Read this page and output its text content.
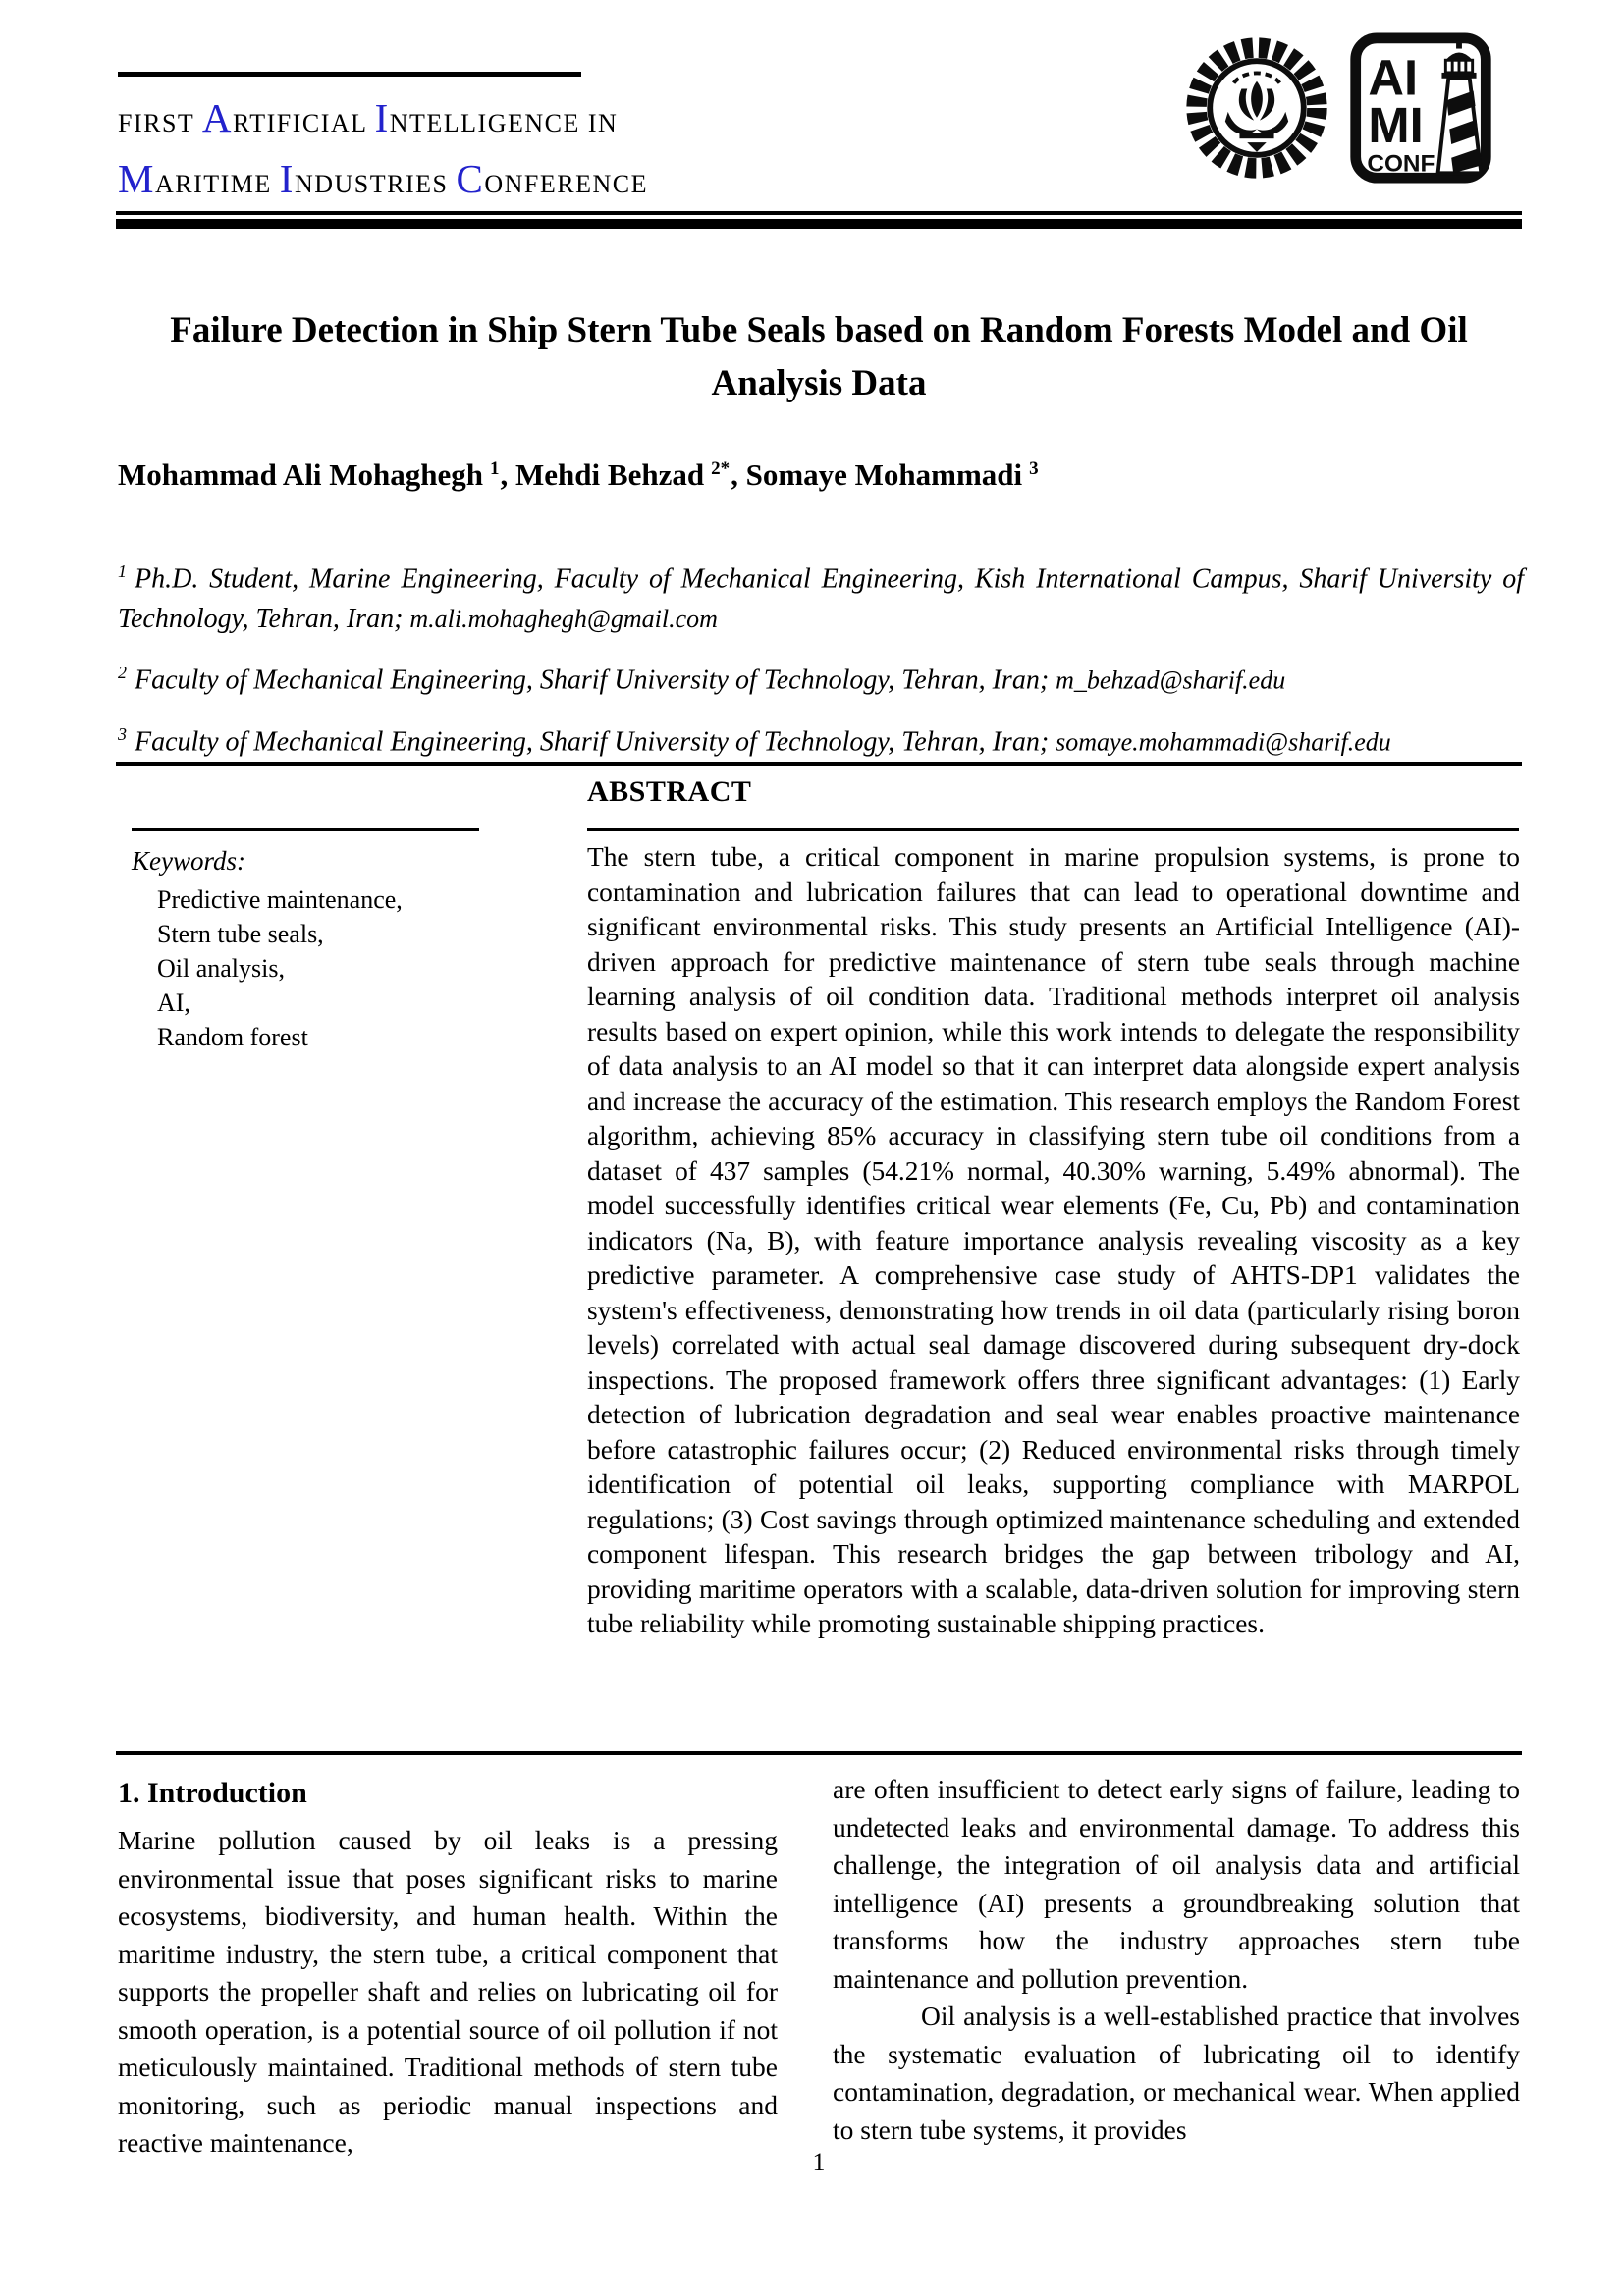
FIRST ARTIFICIAL INTELLIGENCE IN
MARITIME INDUSTRIES CONFERENCE
AI
MI
CONF
Failure Detection in Ship Stern Tube Seals based on Random Forests Model and Oil Analysis Data
Mohammad Ali Mohaghegh $^1$, Mehdi Behzad $^{2*}$, Somaye Mohammadi $^3$

$^1$ Ph.D. Student, Marine Engineering, Faculty of Mechanical Engineering, Kish International Campus, Sharif University of Technology, Tehran, Iran; m.ali.mohaghegh@gmail.com

$^2$ Faculty of Mechanical Engineering, Sharif University of Technology, Tehran, Iran; m_behzad@sharif.edu

$^3$ Faculty of Mechanical Engineering, Sharif University of Technology, Tehran, Iran; somaye.mohammadi@sharif.edu

ABSTRACT
Keywords:
Predictive maintenance,
Stern tube seals,
Oil analysis,
AI,
Random forest

The stern tube, a critical component in marine propulsion systems, is prone to contamination and lubrication failures that can lead to operational downtime and significant environmental risks. This study presents an Artificial Intelligence (AI)-driven approach for predictive maintenance of stern tube seals through machine learning analysis of oil condition data. Traditional methods interpret oil analysis results based on expert opinion, while this work intends to delegate the responsibility of data analysis to an AI model so that it can interpret data alongside expert analysis and increase the accuracy of the estimation. This research employs the Random Forest algorithm, achieving 85% accuracy in classifying stern tube oil conditions from a dataset of 437 samples (54.21% normal, 40.30% warning, 5.49% abnormal). The model successfully identifies critical wear elements (Fe, Cu, Pb) and contamination indicators (Na, B), with feature importance analysis revealing viscosity as a key predictive parameter. A comprehensive case study of AHTS-DP1 validates the system's effectiveness, demonstrating how trends in oil data (particularly rising boron levels) correlated with actual seal damage discovered during subsequent dry-dock inspections. The proposed framework offers three significant advantages: (1) Early detection of lubrication degradation and seal wear enables proactive maintenance before catastrophic failures occur; (2) Reduced environmental risks through timely identification of potential oil leaks, supporting compliance with MARPOL regulations; (3) Cost savings through optimized maintenance scheduling and extended component lifespan. This research bridges the gap between tribology and AI, providing maritime operators with a scalable, data-driven solution for improving stern tube reliability while promoting sustainable shipping practices.

1. Introduction
Marine pollution caused by oil leaks is a pressing environmental issue that poses significant risks to marine ecosystems, biodiversity, and human health. Within the maritime industry, the stern tube, a critical component that supports the propeller shaft and relies on lubricating oil for smooth operation, is a potential source of oil pollution if not meticulously maintained. Traditional methods of stern tube monitoring, such as periodic manual inspections and reactive maintenance,

are often insufficient to detect early signs of failure, leading to undetected leaks and environmental damage. To address this challenge, the integration of oil analysis data and artificial intelligence (AI) presents a groundbreaking solution that transforms how the industry approaches stern tube maintenance and pollution prevention.

Oil analysis is a well-established practice that involves the systematic evaluation of lubricating oil to identify contamination, degradation, or mechanical wear. When applied to stern tube systems, it provides

1
